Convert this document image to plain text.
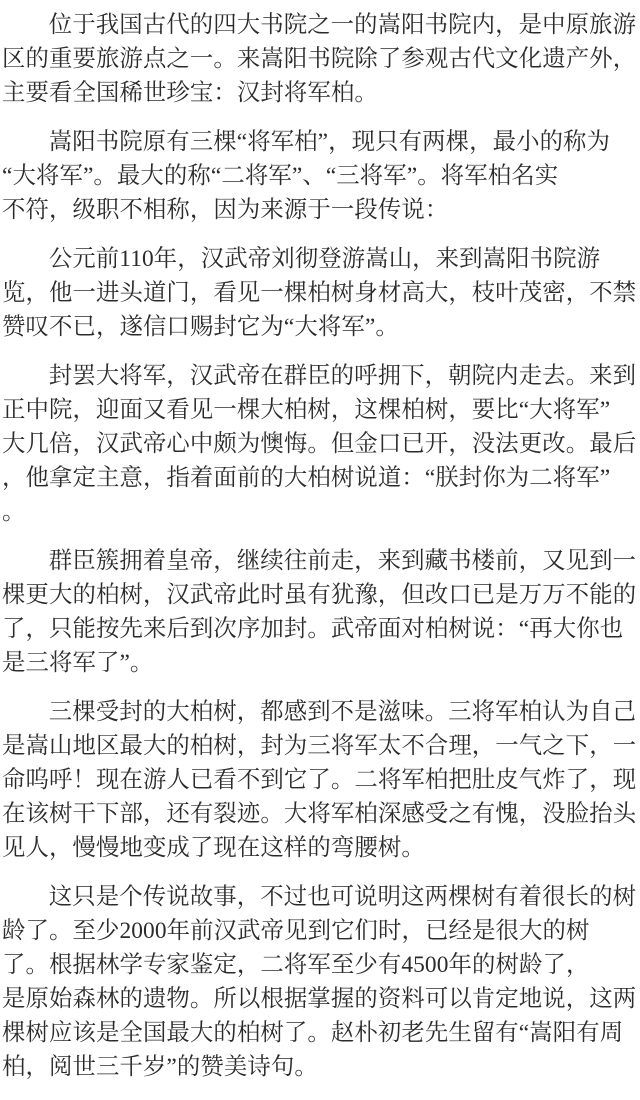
位于我国古代的四大书院之一的嵩阳书院内，是中原旅游
区的重要旅游点之一。来嵩阳书院除了参观古代文化遗产外，
主要看全国稀世珍宝：汉封将军柏。
嵩阳书院原有三棵“将军柏”，现只有两棵，最小的称为
“大将军”。最大的称“二将军”、“三将军”。将军柏名实
不符，级职不相称，因为来源于一段传说：
公元前110年，汉武帝刘彻登游嵩山，来到嵩阳书院游
览，他一进头道门，看见一棵柏树身材高大，枝叶茂密，不禁
赞叹不已，遂信口赐封它为“大将军”。
封罢大将军，汉武帝在群臣的呼拥下，朝院内走去。来到
正中院，迎面又看见一棵大柏树，这棵柏树，要比“大将军”
大几倍，汉武帝心中颇为懊悔。但金口已开，没法更改。最后
，他拿定主意，指着面前的大柏树说道：“朕封你为二将军”
。
群臣簇拥着皇帝，继续往前走，来到藏书楼前，又见到一
棵更大的柏树，汉武帝此时虽有犹豫，但改口已是万万不能的
了，只能按先来后到次序加封。武帝面对柏树说：“再大你也
是三将军了”。
三棵受封的大柏树，都感到不是滋味。三将军柏认为自己
是嵩山地区最大的柏树，封为三将军太不合理，一气之下，一
命呜呼！现在游人已看不到它了。二将军柏把肚皮气炸了，现
在该树干下部，还有裂迹。大将军柏深感受之有愧，没脸抬头
见人，慢慢地变成了现在这样的弯腰树。
这只是个传说故事，不过也可说明这两棵树有着很长的树
龄了。至少2000年前汉武帝见到它们时，已经是很大的树
了。根据林学专家鉴定，二将军至少有4500年的树龄了，
是原始森林的遗物。所以根据掌握的资料可以肯定地说，这两
棵树应该是全国最大的柏树了。赵朴初老先生留有“嵩阳有周
柏，阅世三千岁”的赞美诗句。
